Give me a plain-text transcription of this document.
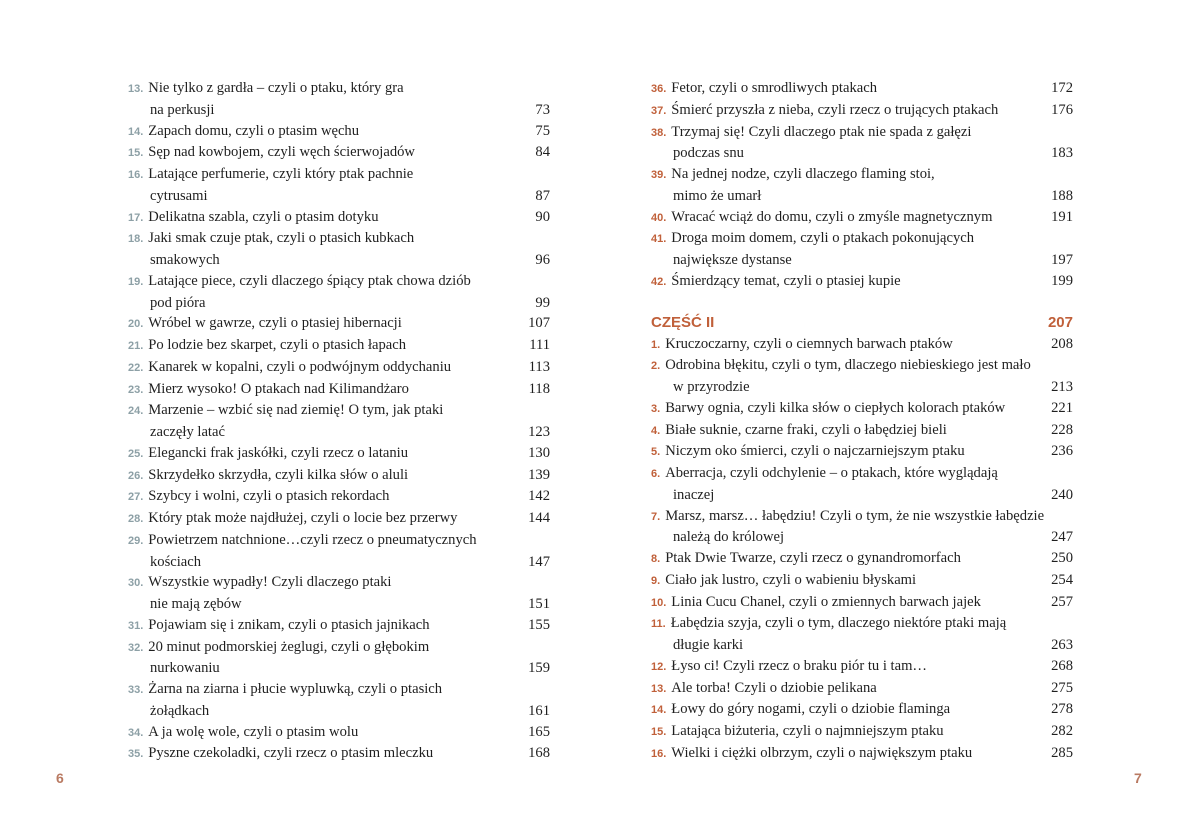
13. Nie tylko z gardła – czyli o ptaku, który gra
na perkusji	73
14. Zapach domu, czyli o ptasim węchu	75
15. Sęp nad kowbojem, czyli węch ścierwojadów	84
16. Latające perfumerie, czyli który ptak pachnie
cytrusami	87
17. Delikatna szabla, czyli o ptasim dotyku	90
18. Jaki smak czuje ptak, czyli o ptasich kubkach
smakowych	96
19. Latające piece, czyli dlaczego śpiący ptak chowa dziób
pod pióra	99
20. Wróbel w gawrze, czyli o ptasiej hibernacji	107
21. Po lodzie bez skarpet, czyli o ptasich łapach	111
22. Kanarek w kopalni, czyli o podwójnym oddychaniu	113
23. Mierz wysoko! O ptakach nad Kilimandżaro	118
24. Marzenie – wzbić się nad ziemię! O tym, jak ptaki
zaczęły latać	123
25. Elegancki frak jaskółki, czyli rzecz o lataniu	130
26. Skrzydełko skrzydła, czyli kilka słów o aluli	139
27. Szybcy i wolni, czyli o ptasich rekordach	142
28. Który ptak może najdłużej, czyli o locie bez przerwy	144
29. Powietrzem natchnione…czyli rzecz o pneumatycznych
kościach	147
30. Wszystkie wypadły! Czyli dlaczego ptaki
nie mają zębów	151
31. Pojawiam się i znikam, czyli o ptasich jajnikach	155
32. 20 minut podmorskiej żeglugi, czyli o głębokim
nurkowaniu	159
33. Żarna na ziarna i płucie wypluwką, czyli o ptasich
żołądkach	161
34. A ja wolę wole, czyli o ptasim wolu	165
35. Pyszne czekoladki, czyli rzecz o ptasim mleczku	168
36. Fetor, czyli o smrodliwych ptakach	172
37. Śmierć przyszła z nieba, czyli rzecz o trujących ptakach	176
38. Trzymaj się! Czyli dlaczego ptak nie spada z gałęzi
podczas snu	183
39. Na jednej nodze, czyli dlaczego flaming stoi,
mimo że umarł	188
40. Wracać wciąż do domu, czyli o zmyśle magnetycznym	191
41. Droga moim domem, czyli o ptakach pokonujących
największe dystanse	197
42. Śmierdzący temat, czyli o ptasiej kupie	199
CZĘŚĆ II	207
1. Kruczoczarny, czyli o ciemnych barwach ptaków	208
2. Odrobina błękitu, czyli o tym, dlaczego niebieskiego jest mało
w przyrodzie	213
3. Barwy ognia, czyli kilka słów o ciepłych kolorach ptaków	221
4. Białe suknie, czarne fraki, czyli o łabędziej bieli	228
5. Niczym oko śmierci, czyli o najczarniejszym ptaku	236
6. Aberracja, czyli odchylenie – o ptakach, które wyglądają
inaczej	240
7. Marsz, marsz… łabędziu! Czyli o tym, że nie wszystkie łabędzie
należą do królowej	247
8. Ptak Dwie Twarze, czyli rzecz o gynandromorfach	250
9. Ciało jak lustro, czyli o wabieniu błyskami	254
10. Linia Cucu Chanel, czyli o zmiennych barwach jajek	257
11. Łabędzia szyja, czyli o tym, dlaczego niektóre ptaki mają
długie karki	263
12. Łyso ci! Czyli rzecz o braku piór tu i tam…	268
13. Ale torba! Czyli o dziobie pelikana	275
14. Łowy do góry nogami, czyli o dziobie flaminga	278
15. Latająca biżuteria, czyli o najmniejszym ptaku	282
16. Wielki i ciężki olbrzym, czyli o największym ptaku	285
6	7
